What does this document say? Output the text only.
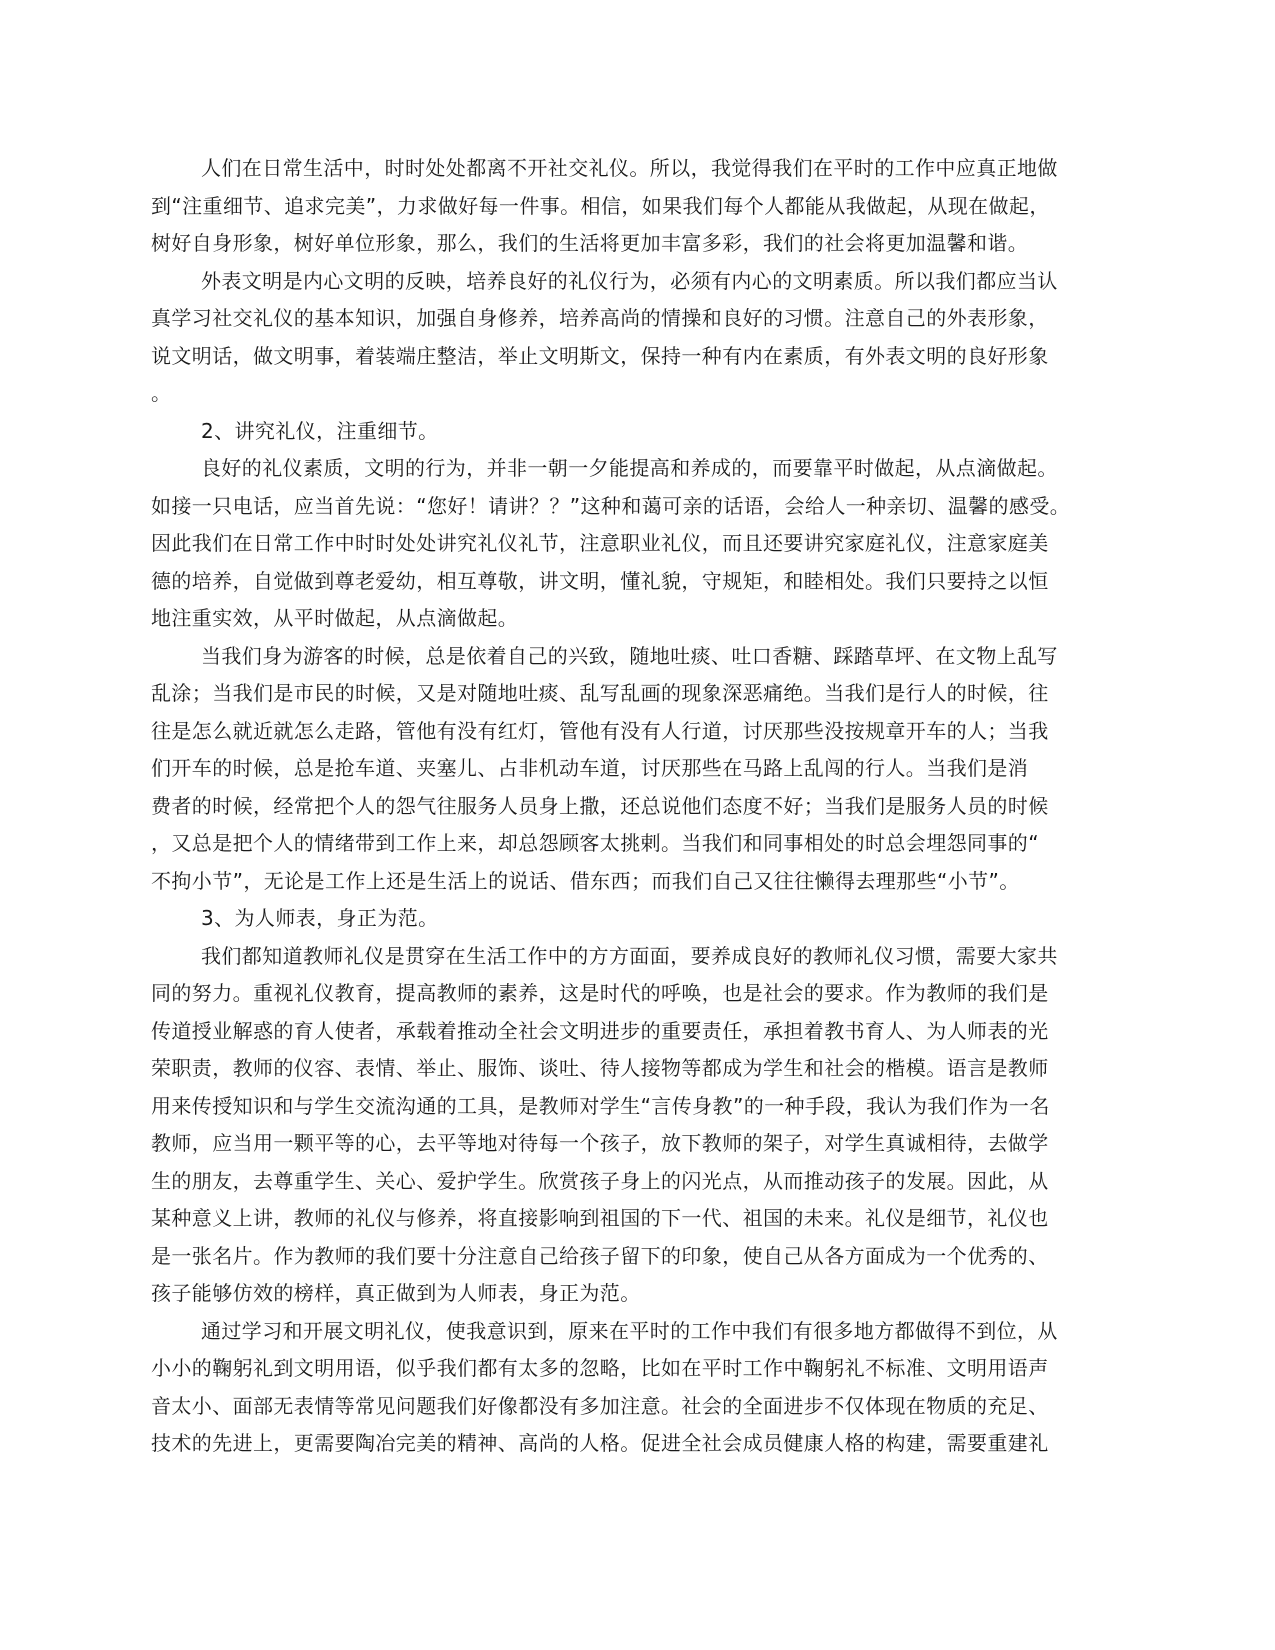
人们在日常生活中，时时处处都离不开社交礼仪。所以，我觉得我们在平时的工作中应真正地做
到“注重细节、追求完美”，力求做好每一件事。相信，如果我们每个人都能从我做起，从现在做起，
树好自身形象，树好单位形象，那么，我们的生活将更加丰富多彩，我们的社会将更加温馨和谐。
外表文明是内心文明的反映，培养良好的礼仪行为，必须有内心的文明素质。所以我们都应当认
真学习社交礼仪的基本知识，加强自身修养，培养高尚的情操和良好的习惯。注意自己的外表形象，
说文明话，做文明事，着装端庄整洁，举止文明斯文，保持一种有内在素质，有外表文明的良好形象
。
2、讲究礼仪，注重细节。
良好的礼仪素质，文明的行为，并非一朝一夕能提高和养成的，而要靠平时做起，从点滴做起。
如接一只电话，应当首先说：“您好！请讲？？”这种和蔼可亲的话语，会给人一种亲切、温馨的感受。
因此我们在日常工作中时时处处讲究礼仪礼节，注意职业礼仪，而且还要讲究家庭礼仪，注意家庭美
德的培养，自觉做到尊老爱幼，相互尊敬，讲文明，懂礼貌，守规矩，和睦相处。我们只要持之以恒
地注重实效，从平时做起，从点滴做起。
当我们身为游客的时候，总是依着自己的兴致，随地吐痰、吐口香糖、踩踏草坪、在文物上乱写
乱涂；当我们是市民的时候，又是对随地吐痰、乱写乱画的现象深恶痛绝。当我们是行人的时候，往
往是怎么就近就怎么走路，管他有没有红灯，管他有没有人行道，讨厌那些没按规章开车的人；当我
们开车的时候，总是抢车道、夹塞儿、占非机动车道，讨厌那些在马路上乱闯的行人。当我们是消
费者的时候，经常把个人的怨气往服务人员身上撒，还总说他们态度不好；当我们是服务人员的时候
，又总是把个人的情绪带到工作上来，却总怨顾客太挑剌。当我们和同事相处的时总会埋怨同事的“
不拘小节”，无论是工作上还是生活上的说话、借东西；而我们自己又往往懒得去理那些“小节”。
3、为人师表，身正为范。
我们都知道教师礼仪是贯穿在生活工作中的方方面面，要养成良好的教师礼仪习惯，需要大家共
同的努力。重视礼仪教育，提高教师的素养，这是时代的呼唤，也是社会的要求。作为教师的我们是
传道授业解惑的育人使者，承载着推动全社会文明进步的重要责任，承担着教书育人、为人师表的光
荣职责，教师的仪容、表情、举止、服饰、谈吐、待人接物等都成为学生和社会的楷模。语言是教师
用来传授知识和与学生交流沟通的工具，是教师对学生“言传身教”的一种手段，我认为我们作为一名
教师，应当用一颗平等的心，去平等地对待每一个孩子，放下教师的架子，对学生真诚相待，去做学
生的朋友，去尊重学生、关心、爱护学生。欣赏孩子身上的闪光点，从而推动孩子的发展。因此，从
某种意义上讲，教师的礼仪与修养，将直接影响到祖国的下一代、祖国的未来。礼仪是细节，礼仪也
是一张名片。作为教师的我们要十分注意自己给孩子留下的印象，使自己从各方面成为一个优秀的、
孩子能够仿效的榜样，真正做到为人师表，身正为范。
通过学习和开展文明礼仪，使我意识到，原来在平时的工作中我们有很多地方都做得不到位，从
小小的鞠躬礼到文明用语，似乎我们都有太多的忽略，比如在平时工作中鞠躬礼不标准、文明用语声
音太小、面部无表情等常见问题我们好像都没有多加注意。社会的全面进步不仅体现在物质的充足、
技术的先进上，更需要陶冶完美的精神、高尚的人格。促进全社会成员健康人格的构建，需要重建礼
